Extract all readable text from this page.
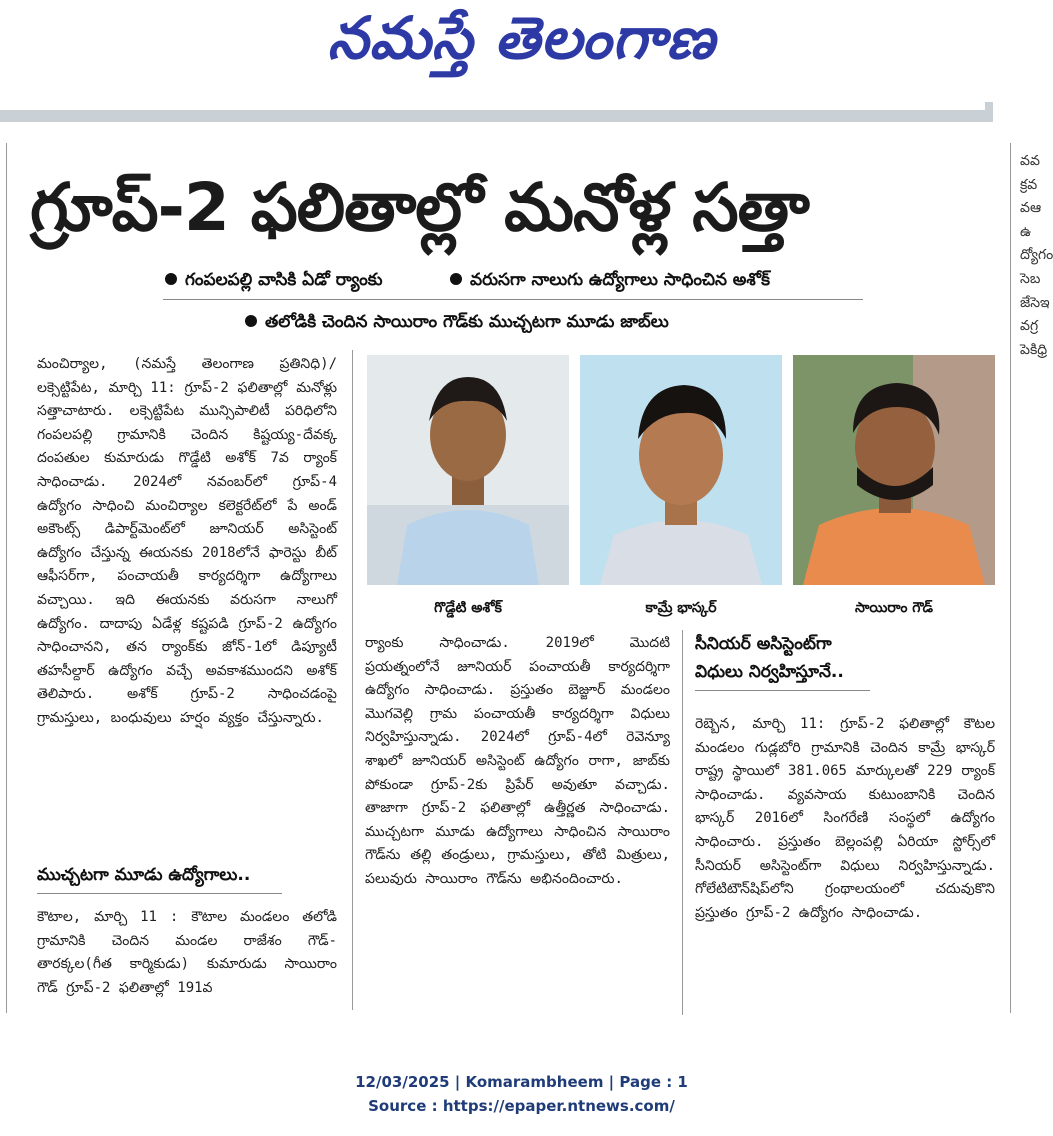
నమస్తే తెలంగాణ
గ్రూప్-2 ఫలితాల్లో మనోళ్ల సత్తా
గంపలపల్లి వాసికి ఏడో ర్యాంకు	వరుసగా నాలుగు ఉద్యోగాలు సాధించిన అశోక్
తలోడికి చెందిన సాయిరాం గౌడ్‌కు ముచ్చటగా మూడు జాబ్‌లు
మంచిర్యాల, (నమస్తే తెలంగాణ ప్రతినిధి)/ లక్సెట్టిపేట, మార్చి 11: గ్రూప్-2 ఫలితాల్లో మనోళ్లు సత్తాచాటారు. లక్సెట్టిపేట మున్సిపాలిటీ పరిధిలోని గంపలపల్లి గ్రామానికి చెందిన కిష్టయ్య-దేవక్క దంపతుల కుమారుడు గొడ్డేటి అశోక్ 7వ ర్యాంక్ సాధించాడు. 2024లో నవంబర్‌లో గ్రూప్-4 ఉద్యోగం సాధించి మంచిర్యాల కలెక్టరేట్‌లో పే అండ్ అకౌంట్స్ డిపార్ట్‌మెంట్‌లో జూనియర్ అసిస్టెంట్ ఉద్యోగం చేస్తున్న ఈయనకు 2018లోనే ఫారెస్టు బీట్ ఆఫీసర్‌గా, పంచాయతీ కార్యదర్శిగా ఉద్యోగాలు వచ్చాయి. ఇది ఈయనకు వరుసగా నాలుగో ఉద్యోగం. దాదాపు ఏడేళ్ల కష్టపడి గ్రూప్-2 ఉద్యోగం సాధించానని, తన ర్యాంక్‌కు జోన్-1లో డిప్యూటీ తహసీల్దార్ ఉద్యోగం వచ్చే అవకాశముందని అశోక్ తెలిపారు. అశోక్ గ్రూప్-2 సాధించడంపై గ్రామస్తులు, బంధువులు హర్షం వ్యక్తం చేస్తున్నారు.
ముచ్చటగా మూడు ఉద్యోగాలు..
కౌటాల, మార్చి 11 : కౌటాల మండలం తలోడి గ్రామానికి చెందిన మండల రాజేశం గౌడ్-తారక్కల(గీత కార్మికుడు) కుమారుడు సాయిరాం గౌడ్ గ్రూప్-2 ఫలితాల్లో 191వ
గొడ్డేటి అశోక్	కామ్రే భాస్కర్	సాయిరాం గౌడ్
ర్యాంకు సాధించాడు. 2019లో మొదటి ప్రయత్నంలోనే జూనియర్ పంచాయతీ కార్యదర్శిగా ఉద్యోగం సాధించాడు. ప్రస్తుతం బెజ్జూర్ మండలం మొగవెల్లి గ్రామ పంచాయతీ కార్యదర్శిగా విధులు నిర్వహిస్తున్నాడు. 2024లో గ్రూప్-4లో రెవెన్యూ శాఖలో జూనియర్ అసిస్టెంట్ ఉద్యోగం రాగా, జాబ్‌కు పోకుండా గ్రూప్-2కు ప్రిపేర్ అవుతూ వచ్చాడు. తాజాగా గ్రూప్-2 ఫలితాల్లో ఉత్తీర్ణత సాధించాడు. ముచ్చటగా మూడు ఉద్యోగాలు సాధించిన సాయిరాం గౌడ్‌ను తల్లి తండ్రులు, గ్రామస్తులు, తోటి మిత్రులు, పలువురు సాయిరాం గౌడ్‌ను అభినందించారు.
సీనియర్ అసిస్టెంట్‌గా
విధులు నిర్వహిస్తూనే..
రెబ్బెన, మార్చి 11: గ్రూప్-2 ఫలితాల్లో కౌటల మండలం గుడ్లబోరి గ్రామానికి చెందిన కామ్రే భాస్కర్ రాష్ట్ర స్థాయిలో 381.065 మార్కులతో 229 ర్యాంక్ సాధించాడు. వ్యవసాయ కుటుంబానికి చెందిన భాస్కర్ 2016లో సింగరేణి సంస్థలో ఉద్యోగం సాధించారు. ప్రస్తుతం బెల్లంపల్లి ఏరియా స్టోర్స్‌లో సీనియర్ అసిస్టెంట్‌గా విధులు నిర్వహిస్తున్నాడు. గోలేటిటౌన్‌షిప్‌లోని గ్రంథాలయంలో చదువుకొని ప్రస్తుతం గ్రూప్-2 ఉద్యోగం సాధించాడు.
వవక్రవవఆఉద్యోగంసెబజేసెఇవగ్రపెకిధ్రి
12/03/2025 | Komarambheem | Page : 1
Source : https://epaper.ntnews.com/
